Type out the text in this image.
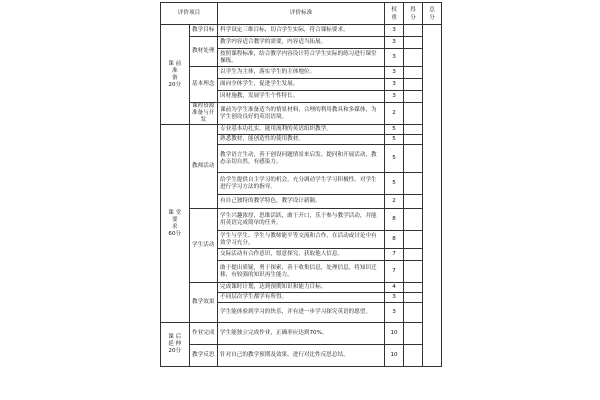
评价项目		评价标准	权重	得分	总分
课 前
准
备
20分	教学目标	科学设定三维目标，切合学生实际，符合课标要求。	3		
	教材处理	教学内容适合教学的需要，内容适当拓展。	3		
		按照课程标准，结合教学内容设计符合学生实际的练习进行课堂操练。	3		
	基本理念	以学生为主体，落实学生的主体地位。	3		
		面向全体学生，促进学生发展。	3		
		因材施教，发展学生个性特长。	3		
	课程资源准备与开发	课前为学生准备适当的情景材料、合理的利用教具和多媒体，为学生创设良好的英语语境。	2		
课 堂
要
求
60分	教师活动	专业基本功扎实，能用流利的英语组织教学。	5		
		熟悉教材，能创造性的使用教材。	5		
		教学语言生动，善于创设问题情景来启发、提问和开展活动，教态亲切自然，有感染力。	5		
		给学生提供自主学习的机会，充分调动学生学习积极性，对学生进行学习方法的指导。	5		
		有自己独特的教学特色，教学设计新颖。	2		
	学生活动	学生兴趣浓厚，思维活跃，敢于开口，乐于参与教学活动，并能用英语完成简单的任务。	8		
		学生与学生、学生与教师能平等交流和合作，在活动或讨论中有效学习充分。	8		
		交际活动有合作意识，愿意探究、获取他人信息。	7		
		敢于提出质疑，勇于探索，善于收集信息，处理信息，将知识迁移，有较强的知识再生能力。	7		
	教学效果	完成课时计划，达到预期知识和能力目标。	4		
		不同层次学生都学有所得。	3		
		学生能体验到学习的快乐，并有进一步学习探究英语的愿望。	3		
课 后
延 伸
20分	作业完成	学生能独立完成作业，正确率应达到70%。	10		
	教学反思	针对自己的教学预期及效果，进行对比性反思总结。	10		
